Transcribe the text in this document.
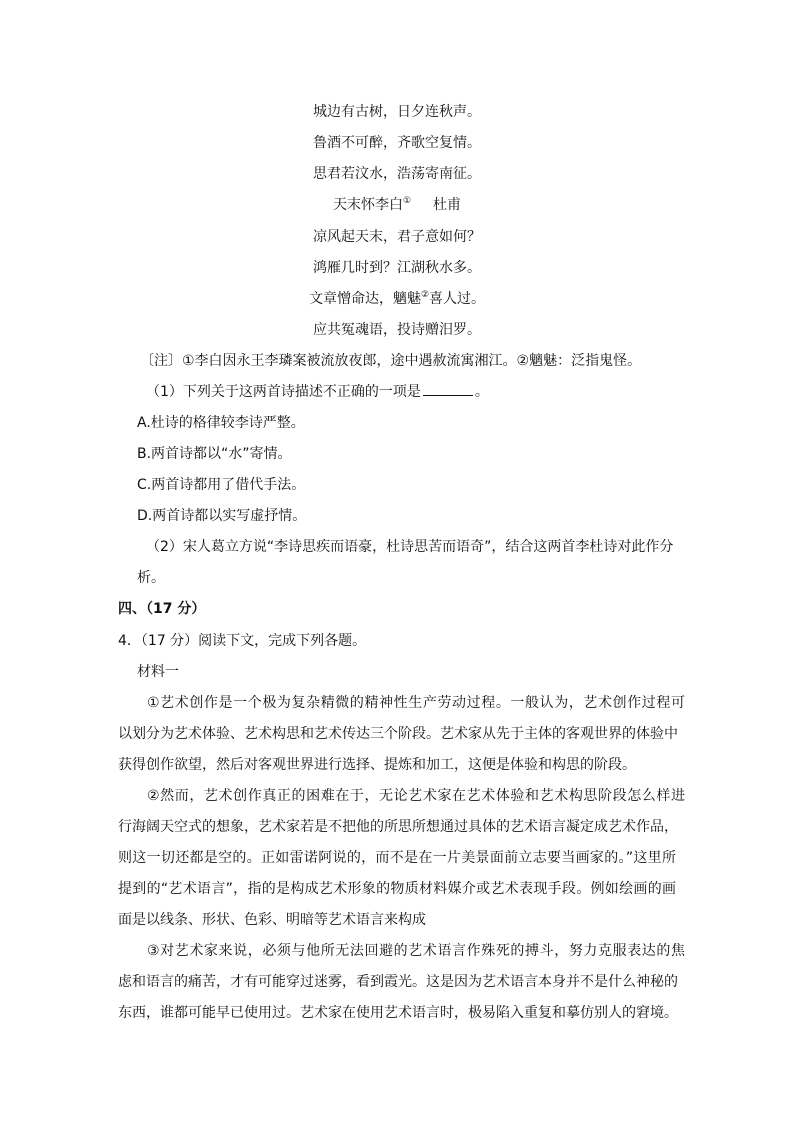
城边有古树，日夕连秋声。
鲁酒不可醉，齐歌空复情。
思君若汶水，浩荡寄南征。
天末怀李白① 杜甫
凉风起天末，君子意如何？
鸿雁几时到？江湖秋水多。
文章憎命达，魑魅②喜人过。
应共冤魂语，投诗赠汨罗。
〔注〕①李白因永王李璘案被流放夜郎，途中遇赦流寓湘江。②魑魅：泛指鬼怪。
（1）下列关于这两首诗描述不正确的一项是	。
A.杜诗的格律较李诗严整。
B.两首诗都以“水”寄情。
C.两首诗都用了借代手法。
D.两首诗都以实写虚抒情。
（2）宋人葛立方说“李诗思疾而语豪，杜诗思苦而语奇”，结合这两首李杜诗对此作分
析。
四、（17 分）
4．（17 分）阅读下文，完成下列各题。
材料一
①艺术创作是一个极为复杂精微的精神性生产劳动过程。一般认为，艺术创作过程可
以划分为艺术体验、艺术构思和艺术传达三个阶段。艺术家从先于主体的客观世界的体验中
获得创作欲望，然后对客观世界进行选择、提炼和加工，这便是体验和构思的阶段。
②然而，艺术创作真正的困难在于，无论艺术家在艺术体验和艺术构思阶段怎么样进
行海阔天空式的想象，艺术家若是不把他的所思所想通过具体的艺术语言凝定成艺术作品，
则这一切还都是空的。正如雷诺阿说的，而不是在一片美景面前立志要当画家的。”这里所
提到的“艺术语言”，指的是构成艺术形象的物质材料媒介或艺术表现手段。例如绘画的画
面是以线条、形状、色彩、明暗等艺术语言来构成
③对艺术家来说，必须与他所无法回避的艺术语言作殊死的搏斗，努力克服表达的焦
虑和语言的痛苦，才有可能穿过迷雾，看到霞光。这是因为艺术语言本身并不是什么神秘的
东西，谁都可能早已使用过。艺术家在使用艺术语言时，极易陷入重复和摹仿别人的窘境。
